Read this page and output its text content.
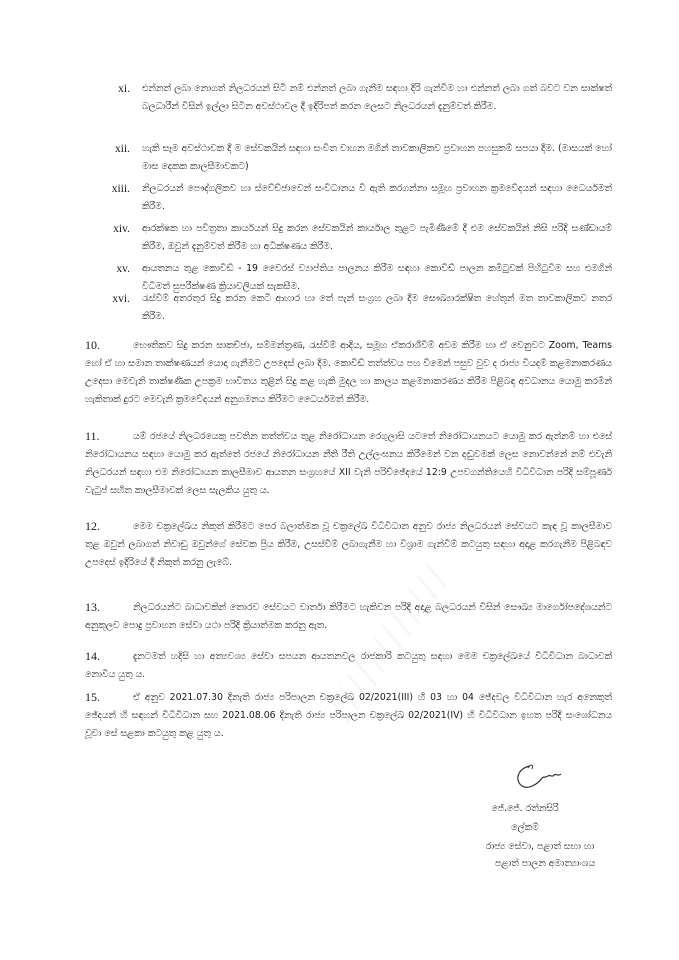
////////////
xi. එන්නත් ලබා නොගත් නිලධරයන් සිටී නම් එන්නත් ලබා ගැනීම සඳහා දිරි ගැන්වීම හා එන්නත් ලබා ගත් බවට වන සාක්ෂත් බලධාරීන් විසින් ඉල්ලා සිටින අවස්ථාවල දී ඉදිරිපත් කරන ලෙසට නිලධරයන් දැනුම්වත් කිරීම.
xii. හැකි සෑම අවස්ථාවක දී ම සේවකයින් සඳහා සංවිත වාහන මගින් තාවකාලිකව ප්‍රවාහන පහසුකම් සපයා දීම. (මාසයක් හෝ මාස දෙකක කාලසීමාවකට)
xiii. නිලධරයන් පෞද්ගලිකව හා ස්වේච්ඡාවෙන් සංවිධානය වී ඇති කරගන්නා සමූහ ප්‍රවාහන ක්‍රමවේදයන් සඳහා ධෛර්යමත් කිරීම.
xiv. ආරක්ෂක හා පවිත්‍රතා කාර්යයන් සිදු කරන සේවකයින් කාර්යාල තුළට පැමිණීමේ දී එම සේවකයින් නිසි පරිදි සණ්ඩායම් කිරීම, ඔවුන් දැනුම්වත් කිරීම හා අධීක්ෂණය කිරීම.
xv. ආයතනය තුළ කොවිඩ් - 19 වෛරස් ව්‍යාප්තිය පාලනය කිරීම සඳහා කොවිඩ් පාලන කමිටුවක් පිහිටුවීම සහ එමගින් විධිමත් සුපරීක්ෂණ ක්‍රියාවලියක් සැකසීම.
xvi. රැස්වීම් අතරතුර සිදු කරන කෙටි ආහාර හා තේ පැන් සංග්‍රහ ලබා දීම සෞඛ්‍යාරක්ෂිත හේතූන් මත තාවකාලිකව නතර කිරීම.
10.	භෞතිකව සිදු කරන සාකච්ඡා, සම්මන්ත්‍රණ, රැස්වීම් ආදිය, සමූහ ඒකරාශීවීම් අවම කිරීම හා ඒ වෙනුවට Zoom, Teams හෝ ඒ හා සමාන තාක්ෂණයන් යොදා ගැනීමට උපදෙස් ලබා දීම. කොවිඩ් තත්ත්වය පහ වීමෙන් පසුව වුව ද රාජ්‍ය වියදම් කළමනාකරණය උදෙසා මෙවැනි තාක්ෂණික උපක්‍රම භාවිතය තුළින් සිදු කළ හැකි මුදල හා කාලය කළමනාකරණය කිරීම පිළිබඳ අවධානය යොමු කරමින් හැකිතාක් දුරට මෙවැනි ක්‍රමවේදයන් අනුගමනය කිරීමට ධෛර්යමත් කිරීම.
11.	යම් රජයේ නිලධරයෙකු පවතින තත්ත්වය තුළ නිරෝධායන රෙගුලාසි යටතේ නිරෝධායනයට යොමු කර ඇත්නම් හා එසේ නිරෝධායනය සඳහා යොමු කර ඇත්තේ රජයේ නිරෝධායන නීති රීති උල්ලංඝනය කිරීමෙන් වන දඬුවමක් ලෙස නොවන්නේ නම් එවැනි නිලධරයන් සඳහා එම නිරෝධායන කාලසීමාව ආයතන සංග්‍රහයේ XII වැනි පරිච්ඡේදයේ 12:9 උපවගන්තියෙහි විධිවිධාන පරිදි සම්පූර්ණ වැටුප් සහිත කාලසීමාවක් ලෙස සැලකිය යුතු ය.
12.	මෙම චක්‍රලේඛය නිකුත් කිරීමට පෙර බලාත්මක වූ චක්‍රලේඛ විධිවිධාන අනුව රාජ්‍ය නිලධරයන් සේවයට කැඳ වූ කාලසීමාව තුළ ඔවුන් ලබාගත් නිවාඩු ඔවුන්ගේ සේවක ප්‍රිය කිරීම, උසස්වීම් ලබාගැනීම හා විශ්‍රාම ගැන්වීම් කටයුතු සඳහා අදාළ කරගැනීම පිළිබඳව උපදෙස් ඉදිරියේ දී නිකුත් කරනු ලැබේ.
13.	නිලධරයන්ට බාධාවකින් තොරව සේවයට වාර්තා කිරීමට හැකිවන පරිදි අදාළ බලධරයන් විසින් සෞඛ්‍ය මාර්ගෝපදේශයන්ට අනුකූලව පොදු ප්‍රවාහන සේවා යථා පරිදි ක්‍රියාත්මක කරනු ඇත.
14.	දැනටමත් හදිසි හා අත්‍යවශ්‍ය සේවා සපයන ආයතනවල රාජකාරි කටයුතු සඳහා මෙම චක්‍රලේඛයේ විධිවිධාන බාධාවක් නොවිය යුතු ය.
15.	ඒ අනුව 2021.07.30 දිනැති රාජ්‍ය පරිපාලන චක්‍රලේඛ 02/2021(III) හි 03 හා 04 ඡේදවල විධිවිධාන හැර අනෙකුත් ඡේදයන් හි සඳහන් විධිවිධාන සහ 2021.08.06 දිනැති රාජ්‍ය පරිපාලන චක්‍රලේඛ 02/2021(IV) හි විධිවිධාන ඉහත පරිදි සංශෝධනය වූවා සේ සළකා කටයුතු කළ යුතු ය.
ජේ.ජේ. රත්නසිරි
ලේකම්
රාජ්‍ය සේවා, පළාත් සභා හා
පළාත් පාලන අමාත්‍යාංශය
